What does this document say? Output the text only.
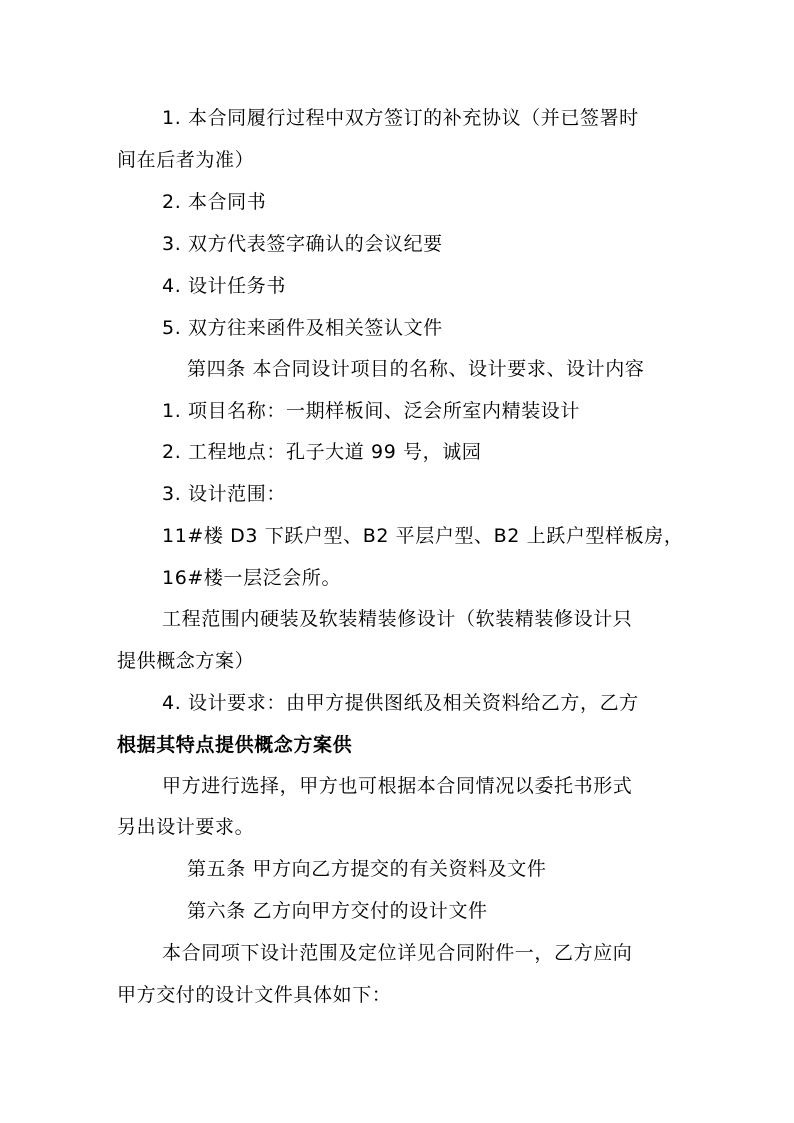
1. 本合同履行过程中双方签订的补充协议（并已签署时
间在后者为准）
2. 本合同书
3. 双方代表签字确认的会议纪要
4. 设计任务书
5. 双方往来函件及相关签认文件
第四条 本合同设计项目的名称、设计要求、设计内容
1. 项目名称：一期样板间、泛会所室内精装设计
2. 工程地点：孔子大道 99 号，诚园
3. 设计范围：
11#楼 D3 下跃户型、B2 平层户型、B2 上跃户型样板房，
16#楼一层泛会所。
工程范围内硬装及软装精装修设计（软装精装修设计只
提供概念方案）
4. 设计要求：由甲方提供图纸及相关资料给乙方，乙方
根据其特点提供概念方案供
甲方进行选择，甲方也可根据本合同情况以委托书形式
另出设计要求。
第五条 甲方向乙方提交的有关资料及文件
第六条 乙方向甲方交付的设计文件
本合同项下设计范围及定位详见合同附件一，乙方应向
甲方交付的设计文件具体如下：
